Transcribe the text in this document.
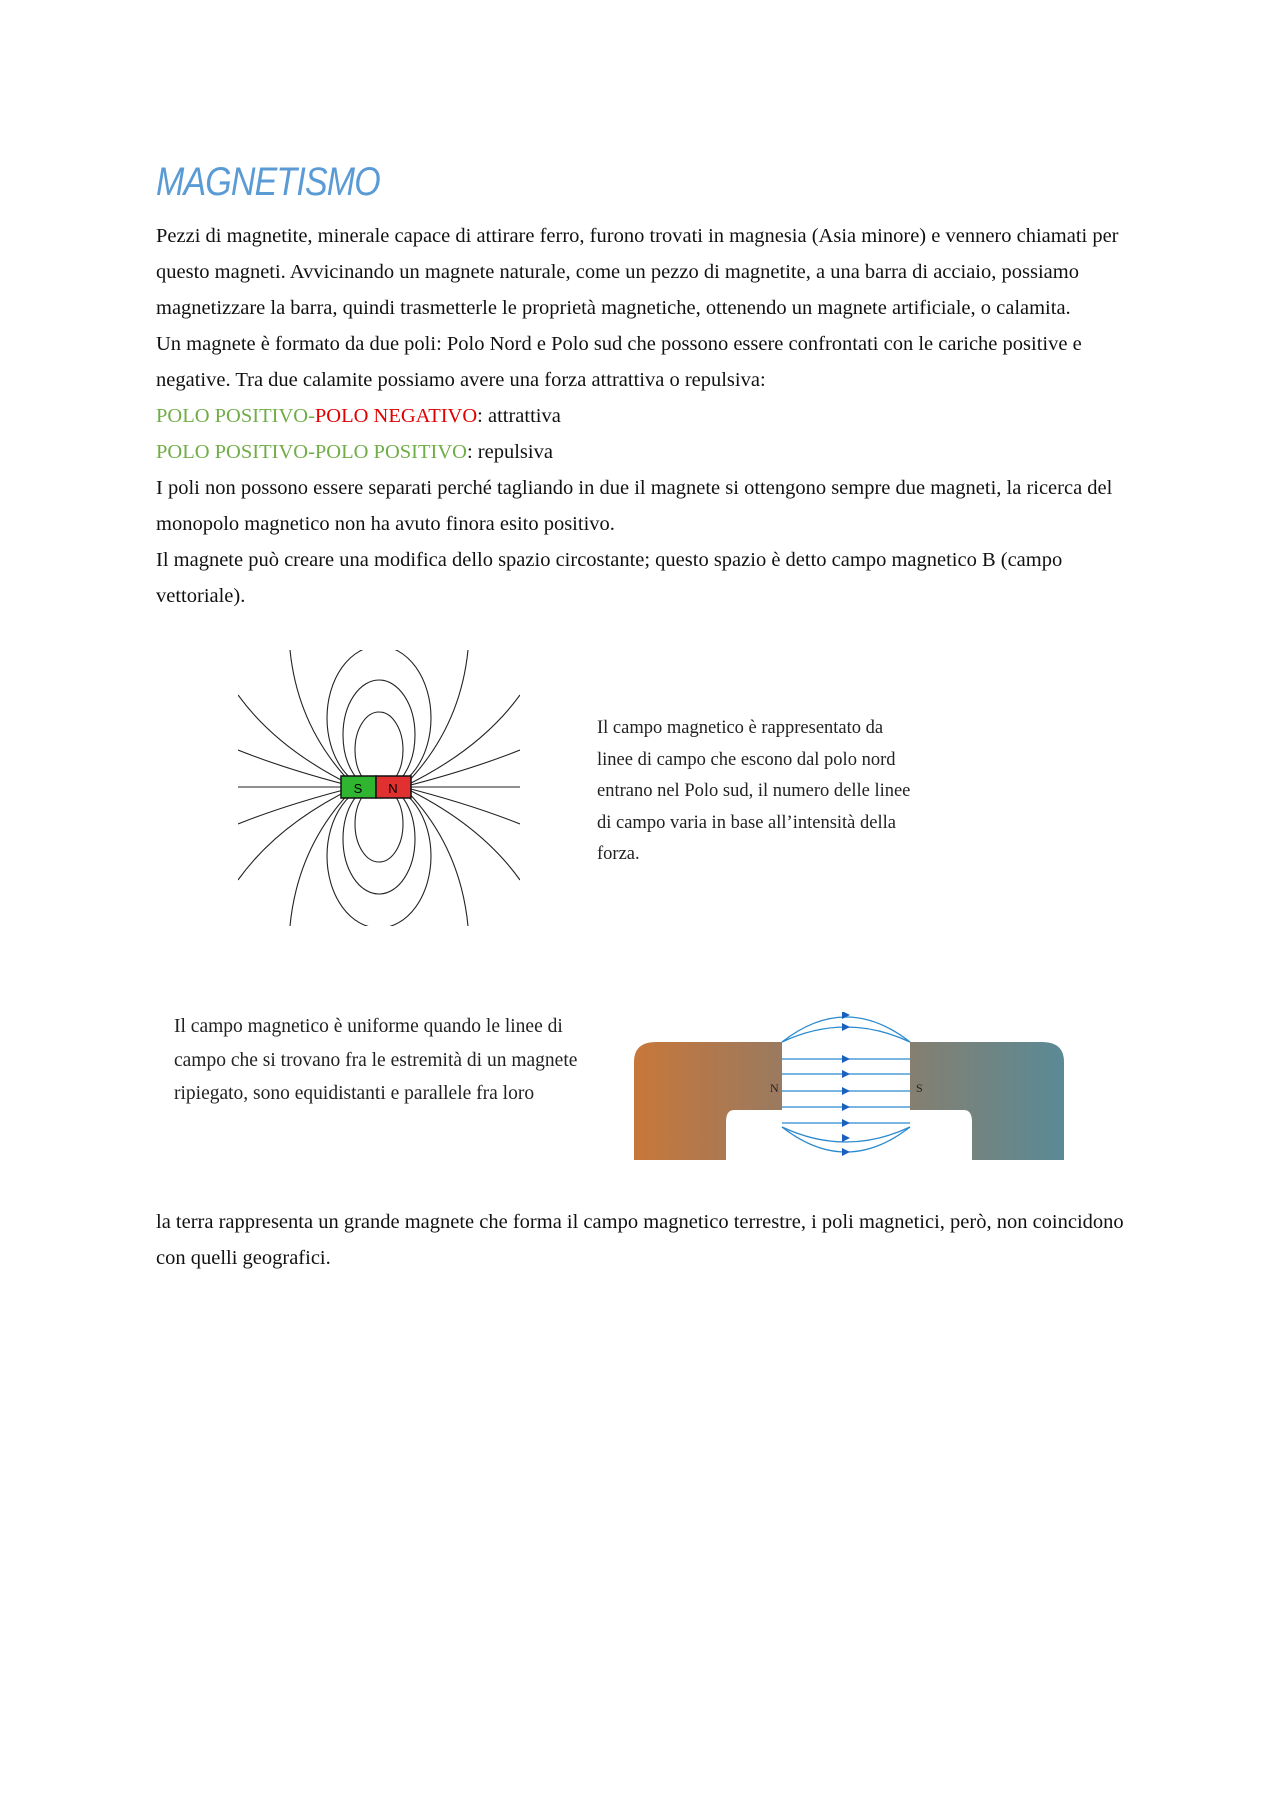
MAGNETISMO

Pezzi di magnetite, minerale capace di attirare ferro, furono trovati in magnesia (Asia minore) e vennero chiamati per questo magneti. Avvicinando un magnete naturale, come un pezzo di magnetite, a una barra di acciaio, possiamo magnetizzare la barra, quindi trasmetterle le proprietà magnetiche, ottenendo un magnete artificiale, o calamita.

Un magnete è formato da due poli: Polo Nord e Polo sud che possono essere confrontati con le cariche positive e negative. Tra due calamite possiamo avere una forza attrattiva o repulsiva:

POLO POSITIVO-POLO NEGATIVO: attrattiva

POLO POSITIVO-POLO POSITIVO: repulsiva

I poli non possono essere separati perché tagliando in due il magnete si ottengono sempre due magneti, la ricerca del monopolo magnetico non ha avuto finora esito positivo.

Il magnete può creare una modifica dello spazio circostante; questo spazio è detto campo magnetico B (campo vettoriale).

S N
Il campo magnetico è rappresentato da linee di campo che escono dal polo nord entrano nel Polo sud, il numero delle linee di campo varia in base all’intensità della forza.
Il campo magnetico è uniforme quando le linee di campo che si trovano fra le estremità di un magnete ripiegato, sono equidistanti e parallele fra loro	N	S
la terra rappresenta un grande magnete che forma il campo magnetico terrestre, i poli magnetici, però, non coincidono con quelli geografici.
